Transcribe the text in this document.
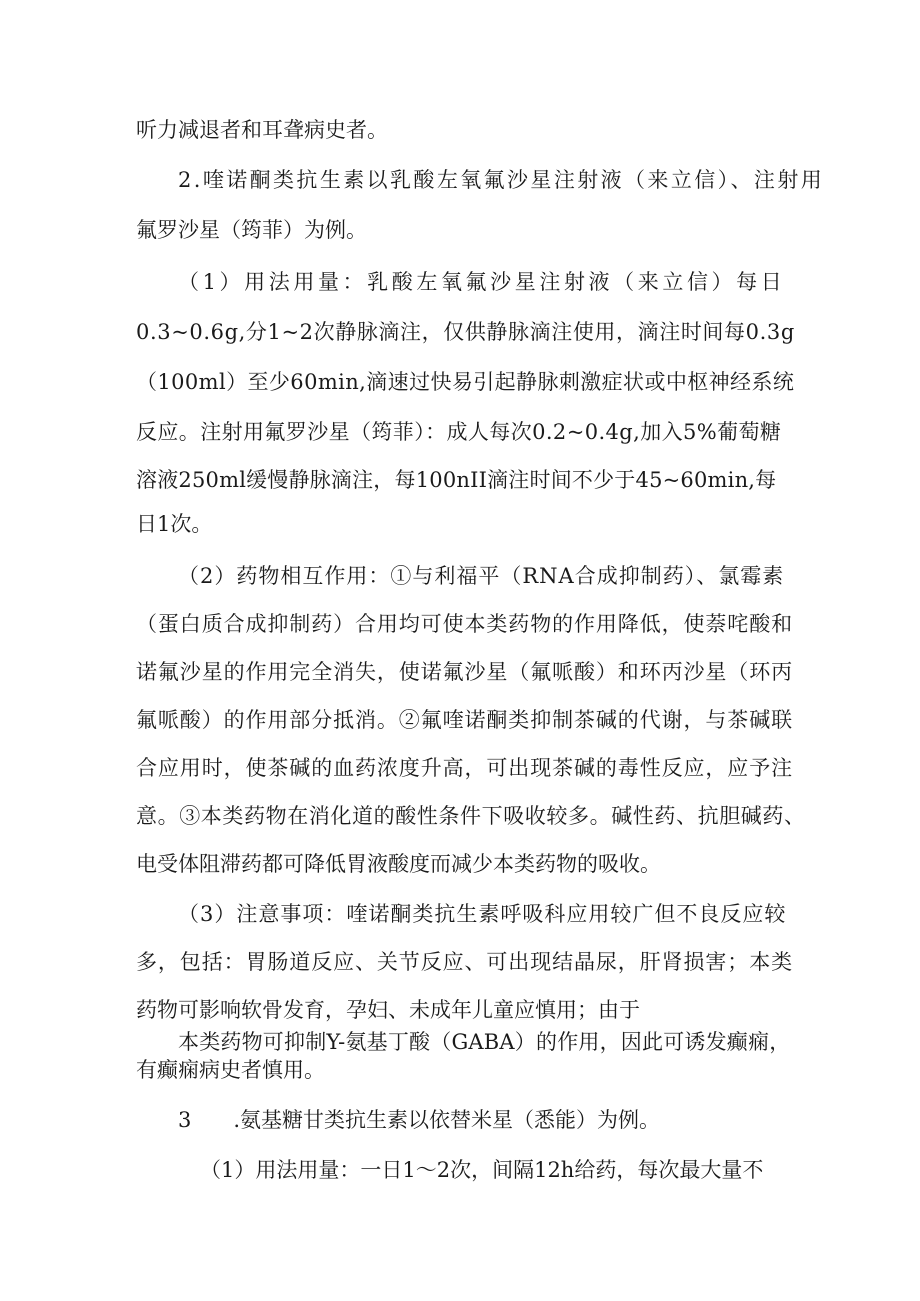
听力减退者和耳聋病史者。
2.喹诺酮类抗生素以乳酸左氧氟沙星注射液（来立信）、注射用
氟罗沙星（筠菲）为例。
（1）用法用量：乳酸左氧氟沙星注射液（来立信）每日
0.3~0.6g,分1~2次静脉滴注，仅供静脉滴注使用，滴注时间每0.3g
（100ml）至少60min,滴速过快易引起静脉刺激症状或中枢神经系统
反应。注射用氟罗沙星（筠菲）：成人每次0.2~0.4g,加入5%葡萄糖
溶液250ml缓慢静脉滴注，每100nII滴注时间不少于45~60min,每
日1次。
（2）药物相互作用：①与利福平（RNA合成抑制药）、氯霉素
（蛋白质合成抑制药）合用均可使本类药物的作用降低，使萘咤酸和
诺氟沙星的作用完全消失，使诺氟沙星（氟哌酸）和环丙沙星（环丙
氟哌酸）的作用部分抵消。②氟喹诺酮类抑制茶碱的代谢，与茶碱联
合应用时，使茶碱的血药浓度升高，可出现茶碱的毒性反应，应予注
意。③本类药物在消化道的酸性条件下吸收较多。碱性药、抗胆碱药、
电受体阻滞药都可降低胃液酸度而减少本类药物的吸收。
（3）注意事项：喹诺酮类抗生素呼吸科应用较广但不良反应较
多，包括：胃肠道反应、关节反应、可出现结晶尿，肝肾损害；本类
药物可影响软骨发育，孕妇、未成年儿童应慎用；由于
本类药物可抑制Y-氨基丁酸（GABA）的作用，因此可诱发癫痫，
有癫痫病史者慎用。
3　　.氨基糖甘类抗生素以依替米星（悉能）为例。
（1）用法用量：一日1～2次，间隔12h给药，每次最大量不
